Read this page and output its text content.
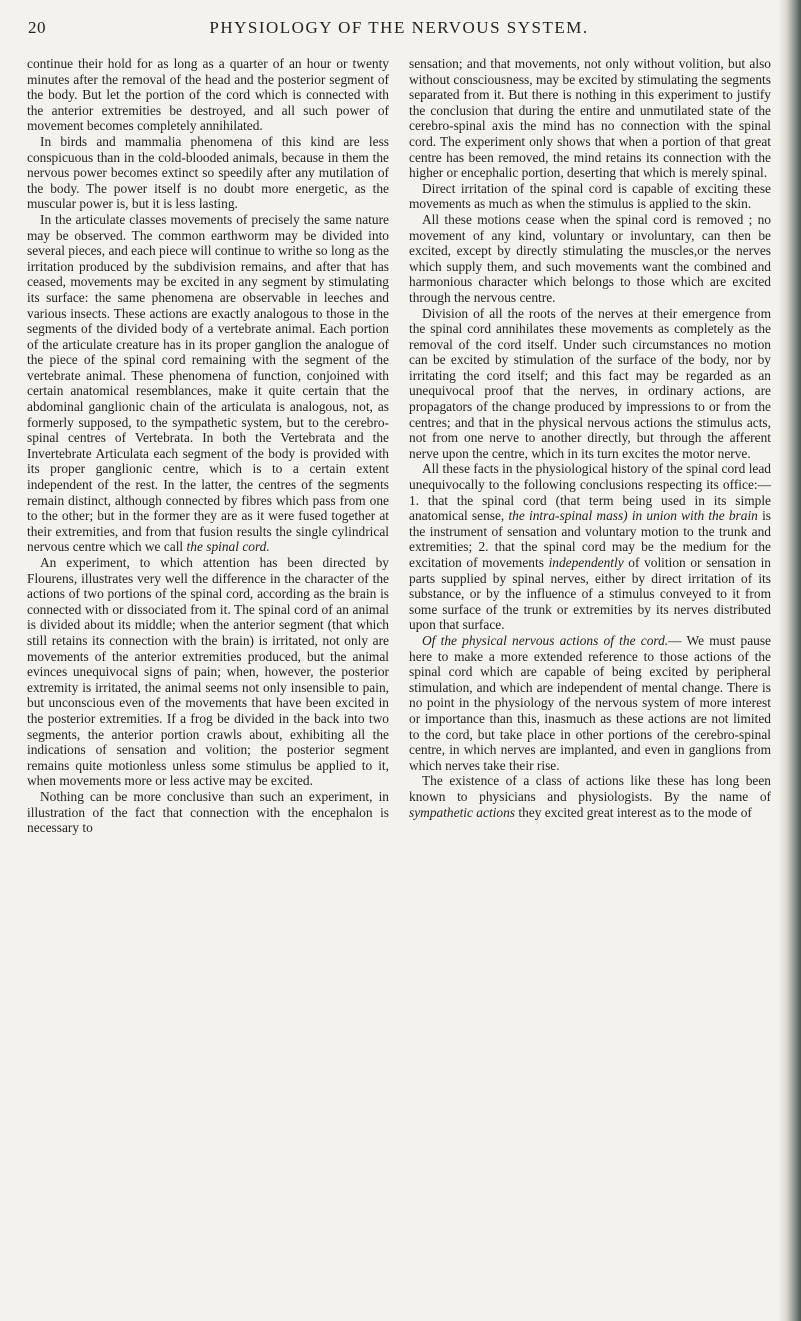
20	PHYSIOLOGY OF THE NERVOUS SYSTEM.

continue their hold for as long as a quarter of an hour or twenty minutes after the removal of the head and the posterior segment of the body. But let the portion of the cord which is connected with the anterior extremities be destroyed, and all such power of movement becomes completely annihilated.

In birds and mammalia phenomena of this kind are less conspicuous than in the cold-blooded animals, because in them the nervous power becomes extinct so speedily after any mutilation of the body. The power itself is no doubt more energetic, as the muscular power is, but it is less lasting.

In the articulate classes movements of precisely the same nature may be observed. The common earthworm may be divided into several pieces, and each piece will continue to writhe so long as the irritation produced by the subdivision remains, and after that has ceased, movements may be excited in any segment by stimulating its surface: the same phenomena are observable in leeches and various insects. These actions are exactly analogous to those in the segments of the divided body of a vertebrate animal. Each portion of the articulate creature has in its proper ganglion the analogue of the piece of the spinal cord remaining with the segment of the vertebrate animal. These phenomena of function, conjoined with certain anatomical resemblances, make it quite certain that the abdominal ganglionic chain of the articulata is analogous, not, as formerly supposed, to the sympathetic system, but to the cerebro-spinal centres of Vertebrata. In both the Vertebrata and the Invertebrate Articulata each segment of the body is provided with its proper ganglionic centre, which is to a certain extent independent of the rest. In the latter, the centres of the segments remain distinct, although connected by fibres which pass from one to the other; but in the former they are as it were fused together at their extremities, and from that fusion results the single cylindrical nervous centre which we call the spinal cord.

An experiment, to which attention has been directed by Flourens, illustrates very well the difference in the character of the actions of two portions of the spinal cord, according as the brain is connected with or dissociated from it. The spinal cord of an animal is divided about its middle; when the anterior segment (that which still retains its connection with the brain) is irritated, not only are movements of the anterior extremities produced, but the animal evinces unequivocal signs of pain; when, however, the posterior extremity is irritated, the animal seems not only insensible to pain, but unconscious even of the movements that have been excited in the posterior extremities. If a frog be divided in the back into two segments, the anterior portion crawls about, exhibiting all the indications of sensation and volition; the posterior segment remains quite motionless unless some stimulus be applied to it, when movements more or less active may be excited.

Nothing can be more conclusive than such an experiment, in illustration of the fact that connection with the encephalon is necessary to

sensation; and that movements, not only without volition, but also without consciousness, may be excited by stimulating the segments separated from it. But there is nothing in this experiment to justify the conclusion that during the entire and unmutilated state of the cerebro-spinal axis the mind has no connection with the spinal cord. The experiment only shows that when a portion of that great centre has been removed, the mind retains its connection with the higher or encephalic portion, deserting that which is merely spinal.

Direct irritation of the spinal cord is capable of exciting these movements as much as when the stimulus is applied to the skin.

All these motions cease when the spinal cord is removed ; no movement of any kind, voluntary or involuntary, can then be excited, except by directly stimulating the muscles,or the nerves which supply them, and such movements want the combined and harmonious character which belongs to those which are excited through the nervous centre.

Division of all the roots of the nerves at their emergence from the spinal cord annihilates these movements as completely as the removal of the cord itself. Under such circumstances no motion can be excited by stimulation of the surface of the body, nor by irritating the cord itself; and this fact may be regarded as an unequivocal proof that the nerves, in ordinary actions, are propagators of the change produced by impressions to or from the centres; and that in the physical nervous actions the stimulus acts, not from one nerve to another directly, but through the afferent nerve upon the centre, which in its turn excites the motor nerve.

All these facts in the physiological history of the spinal cord lead unequivocally to the following conclusions respecting its office:— 1. that the spinal cord (that term being used in its simple anatomical sense, the intra-spinal mass) in union with the brain is the instrument of sensation and voluntary motion to the trunk and extremities; 2. that the spinal cord may be the medium for the excitation of movements independently of volition or sensation in parts supplied by spinal nerves, either by direct irritation of its substance, or by the influence of a stimulus conveyed to it from some surface of the trunk or extremities by its nerves distributed upon that surface.

Of the physical nervous actions of the cord.— We must pause here to make a more extended reference to those actions of the spinal cord which are capable of being excited by peripheral stimulation, and which are independent of mental change. There is no point in the physiology of the nervous system of more interest or importance than this, inasmuch as these actions are not limited to the cord, but take place in other portions of the cerebro-spinal centre, in which nerves are implanted, and even in ganglions from which nerves take their rise.

The existence of a class of actions like these has long been known to physicians and physiologists. By the name of sympathetic actions they excited great interest as to the mode of
